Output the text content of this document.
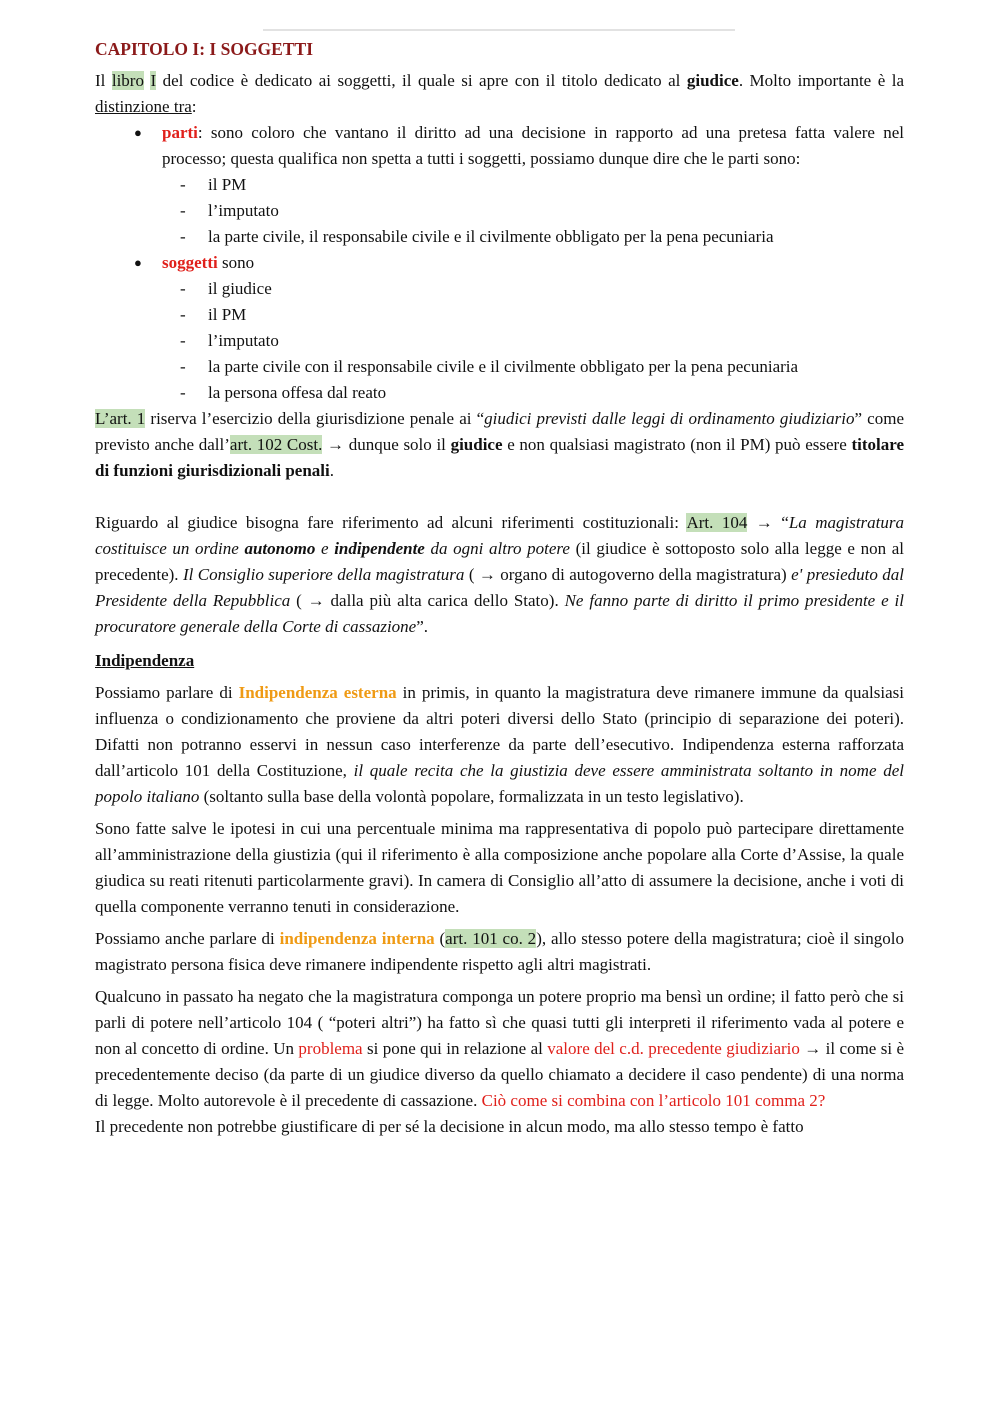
CAPITOLO I: I SOGGETTI

Il libro I del codice è dedicato ai soggetti, il quale si apre con il titolo dedicato al giudice. Molto importante è la distinzione tra:

● parti: sono coloro che vantano il diritto ad una decisione in rapporto ad una pretesa fatta valere nel processo; questa qualifica non spetta a tutti i soggetti, possiamo dunque dire che le parti sono:
- il PM
- l’imputato
- la parte civile, il responsabile civile e il civilmente obbligato per la pena pecuniaria
● soggetti sono
- il giudice
- il PM
- l’imputato
- la parte civile con il responsabile civile e il civilmente obbligato per la pena pecuniaria
- la persona offesa dal reato

L’art. 1 riserva l’esercizio della giurisdizione penale ai “giudici previsti dalle leggi di ordinamento giudiziario” come previsto anche dall’art. 102 Cost. → dunque solo il giudice e non qualsiasi magistrato (non il PM) può essere titolare di funzioni giurisdizionali penali.

Riguardo al giudice bisogna fare riferimento ad alcuni riferimenti costituzionali: Art. 104 → “La magistratura costituisce un ordine autonomo e indipendente da ogni altro potere (il giudice è sottoposto solo alla legge e non al precedente). Il Consiglio superiore della magistratura ( → organo di autogoverno della magistratura) e' presieduto dal Presidente della Repubblica ( → dalla più alta carica dello Stato). Ne fanno parte di diritto il primo presidente e il procuratore generale della Corte di cassazione”.

Indipendenza

Possiamo parlare di Indipendenza esterna in primis, in quanto la magistratura deve rimanere immune da qualsiasi influenza o condizionamento che proviene da altri poteri diversi dello Stato (principio di separazione dei poteri). Difatti non potranno esservi in nessun caso interferenze da parte dell’esecutivo. Indipendenza esterna rafforzata dall’articolo 101 della Costituzione, il quale recita che la giustizia deve essere amministrata soltanto in nome del popolo italiano (soltanto sulla base della volontà popolare, formalizzata in un testo legislativo).

Sono fatte salve le ipotesi in cui una percentuale minima ma rappresentativa di popolo può partecipare direttamente all’amministrazione della giustizia (qui il riferimento è alla composizione anche popolare alla Corte d’Assise, la quale giudica su reati ritenuti particolarmente gravi). In camera di Consiglio all’atto di assumere la decisione, anche i voti di quella componente verranno tenuti in considerazione.

Possiamo anche parlare di indipendenza interna (art. 101 co. 2), allo stesso potere della magistratura; cioè il singolo magistrato persona fisica deve rimanere indipendente rispetto agli altri magistrati.

Qualcuno in passato ha negato che la magistratura componga un potere proprio ma bensì un ordine; il fatto però che si parli di potere nell’articolo 104 ( “poteri altri”) ha fatto sì che quasi tutti gli interpreti il riferimento vada al potere e non al concetto di ordine. Un problema si pone qui in relazione al valore del c.d. precedente giudiziario → il come si è precedentemente deciso (da parte di un giudice diverso da quello chiamato a decidere il caso pendente) di una norma di legge. Molto autorevole è il precedente di cassazione. Ciò come si combina con l’articolo 101 comma 2?

Il precedente non potrebbe giustificare di per sé la decisione in alcun modo, ma allo stesso tempo è fatto
